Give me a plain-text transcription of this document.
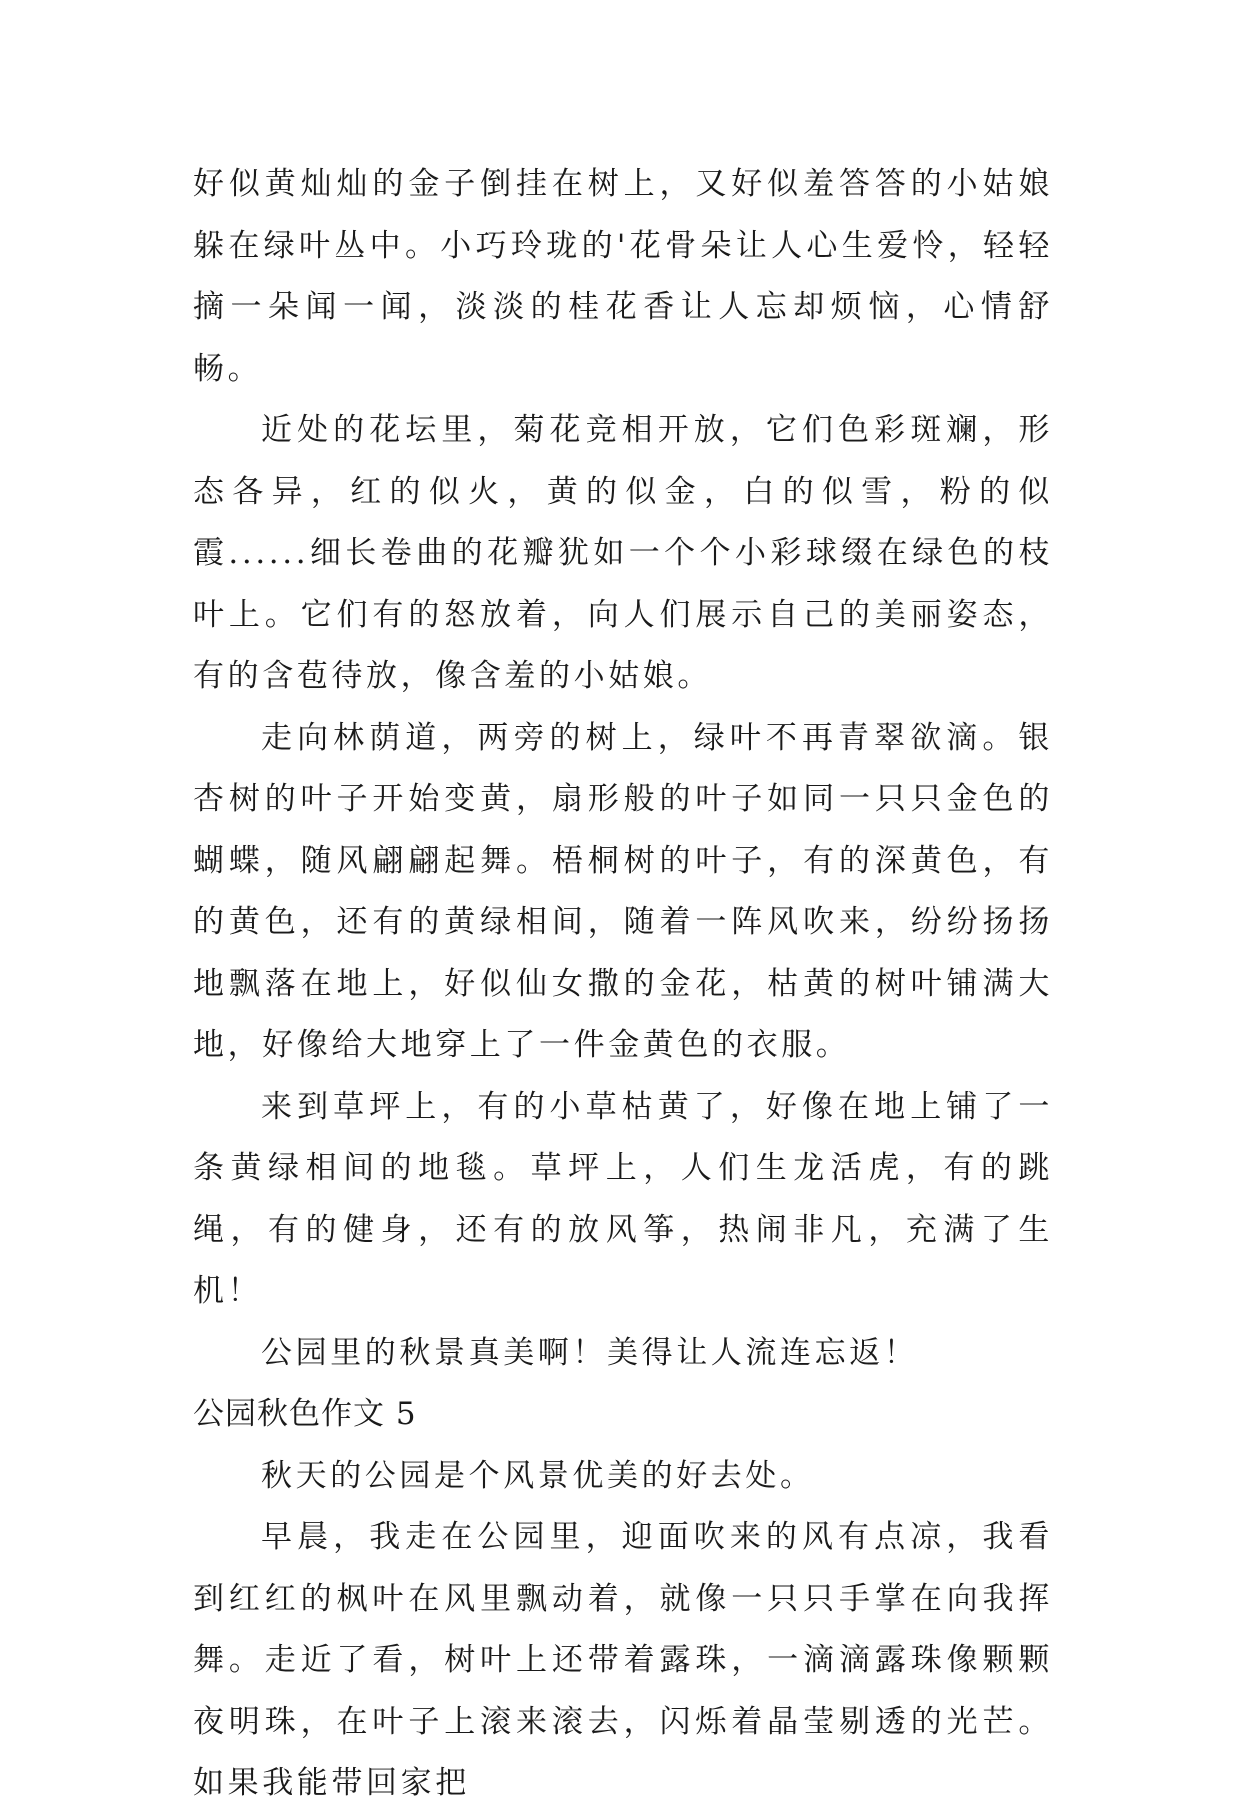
好似黄灿灿的金子倒挂在树上，又好似羞答答的小姑娘躲在绿叶丛中。小巧玲珑的'花骨朵让人心生爱怜，轻轻摘一朵闻一闻，淡淡的桂花香让人忘却烦恼，心情舒畅。

近处的花坛里，菊花竞相开放，它们色彩斑斓，形态各异，红的似火，黄的似金，白的似雪，粉的似霞......细长卷曲的花瓣犹如一个个小彩球缀在绿色的枝叶上。它们有的怒放着，向人们展示自己的美丽姿态，有的含苞待放，像含羞的小姑娘。

走向林荫道，两旁的树上，绿叶不再青翠欲滴。银杏树的叶子开始变黄，扇形般的叶子如同一只只金色的蝴蝶，随风翩翩起舞。梧桐树的叶子，有的深黄色，有的黄色，还有的黄绿相间，随着一阵风吹来，纷纷扬扬地飘落在地上，好似仙女撒的金花，枯黄的树叶铺满大地，好像给大地穿上了一件金黄色的衣服。

来到草坪上，有的小草枯黄了，好像在地上铺了一条黄绿相间的地毯。草坪上，人们生龙活虎，有的跳绳，有的健身，还有的放风筝，热闹非凡，充满了生机！

公园里的秋景真美啊！美得让人流连忘返！

公园秋色作文 5

秋天的公园是个风景优美的好去处。

早晨，我走在公园里，迎面吹来的风有点凉，我看到红红的枫叶在风里飘动着，就像一只只手掌在向我挥舞。走近了看，树叶上还带着露珠，一滴滴露珠像颗颗夜明珠，在叶子上滚来滚去，闪烁着晶莹剔透的光芒。如果我能带回家把
